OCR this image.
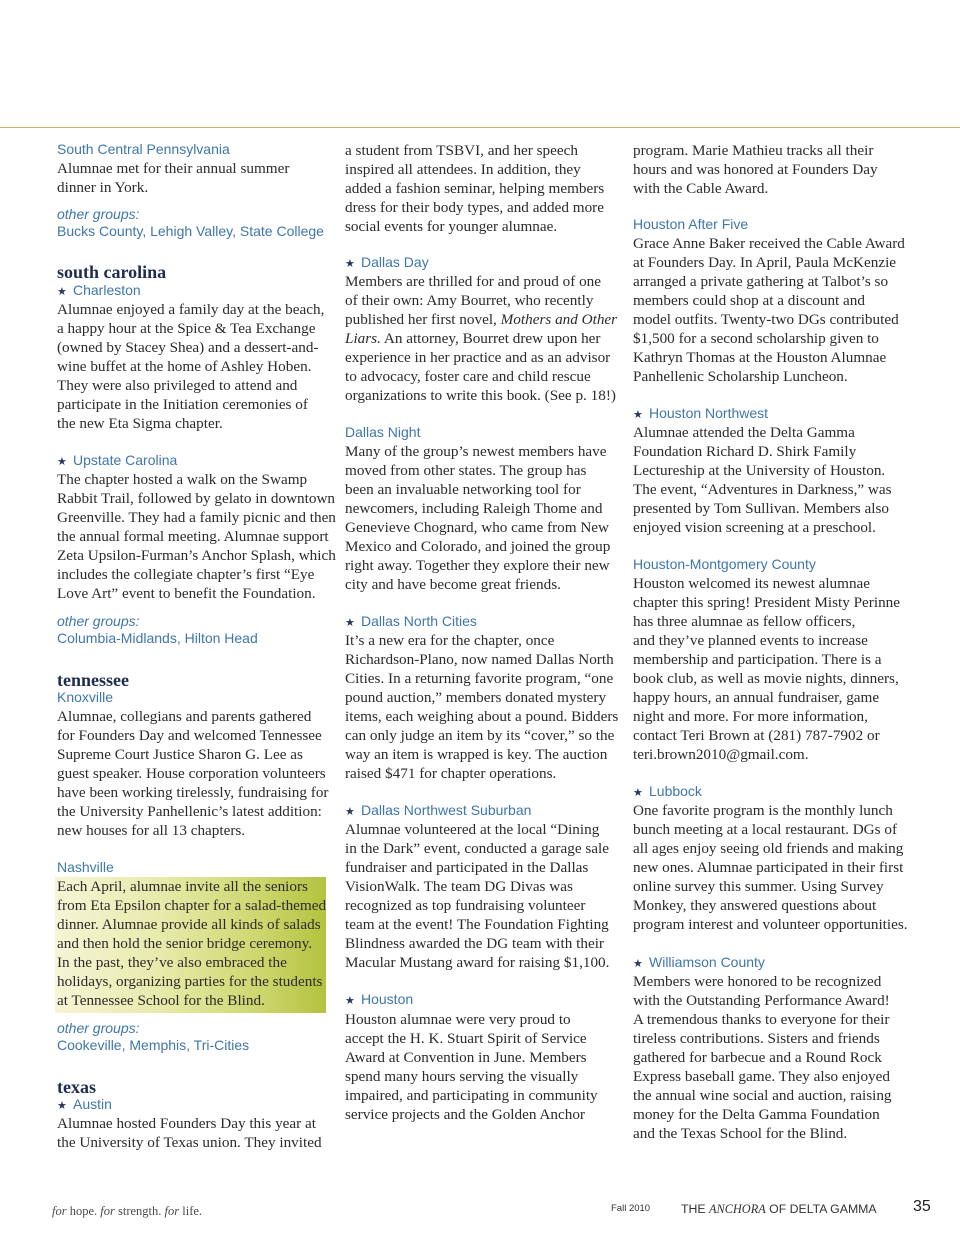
South Central Pennsylvania
Alumnae met for their annual summer
dinner in York.
other groups:
Bucks County, Lehigh Valley, State College
south carolina
★Charleston
Alumnae enjoyed a family day at the beach,
a happy hour at the Spice & Tea Exchange
(owned by Stacey Shea) and a dessert-and-
wine buffet at the home of Ashley Hoben.
They were also privileged to attend and
participate in the Initiation ceremonies of
the new Eta Sigma chapter.
★Upstate Carolina
The chapter hosted a walk on the Swamp
Rabbit Trail, followed by gelato in downtown
Greenville. They had a family picnic and then
the annual formal meeting. Alumnae support
Zeta Upsilon-Furman’s Anchor Splash, which
includes the collegiate chapter’s first “Eye
Love Art” event to benefit the Foundation.
other groups:
Columbia-Midlands, Hilton Head
tennessee
Knoxville
Alumnae, collegians and parents gathered
for Founders Day and welcomed Tennessee
Supreme Court Justice Sharon G. Lee as
guest speaker. House corporation volunteers
have been working tirelessly, fundraising for
the University Panhellenic’s latest addition:
new houses for all 13 chapters.
Nashville
Each April, alumnae invite all the seniors
from Eta Epsilon chapter for a salad-themed
dinner. Alumnae provide all kinds of salads
and then hold the senior bridge ceremony.
In the past, they’ve also embraced the
holidays, organizing parties for the students
at Tennessee School for the Blind.
other groups:
Cookeville, Memphis, Tri-Cities
texas
★Austin
Alumnae hosted Founders Day this year at
the University of Texas union. They invited
a student from TSBVI, and her speech
inspired all attendees. In addition, they
added a fashion seminar, helping members
dress for their body types, and added more
social events for younger alumnae.
★Dallas Day
Members are thrilled for and proud of one
of their own: Amy Bourret, who recently
published her first novel, Mothers and Other
Liars. An attorney, Bourret drew upon her
experience in her practice and as an advisor
to advocacy, foster care and child rescue
organizations to write this book. (See p. 18!)
Dallas Night
Many of the group’s newest members have
moved from other states. The group has
been an invaluable networking tool for
newcomers, including Raleigh Thome and
Genevieve Chognard, who came from New
Mexico and Colorado, and joined the group
right away. Together they explore their new
city and have become great friends.
★Dallas North Cities
It’s a new era for the chapter, once
Richardson-Plano, now named Dallas North
Cities. In a returning favorite program, “one
pound auction,” members donated mystery
items, each weighing about a pound. Bidders
can only judge an item by its “cover,” so the
way an item is wrapped is key. The auction
raised $471 for chapter operations.
★Dallas Northwest Suburban
Alumnae volunteered at the local “Dining
in the Dark” event, conducted a garage sale
fundraiser and participated in the Dallas
VisionWalk. The team DG Divas was
recognized as top fundraising volunteer
team at the event! The Foundation Fighting
Blindness awarded the DG team with their
Macular Mustang award for raising $1,100.
★Houston
Houston alumnae were very proud to
accept the H. K. Stuart Spirit of Service
Award at Convention in June. Members
spend many hours serving the visually
impaired, and participating in community
service projects and the Golden Anchor
program. Marie Mathieu tracks all their
hours and was honored at Founders Day
with the Cable Award.
Houston After Five
Grace Anne Baker received the Cable Award
at Founders Day. In April, Paula McKenzie
arranged a private gathering at Talbot’s so
members could shop at a discount and
model outfits. Twenty-two DGs contributed
$1,500 for a second scholarship given to
Kathryn Thomas at the Houston Alumnae
Panhellenic Scholarship Luncheon.
★Houston Northwest
Alumnae attended the Delta Gamma
Foundation Richard D. Shirk Family
Lectureship at the University of Houston.
The event, “Adventures in Darkness,” was
presented by Tom Sullivan. Members also
enjoyed vision screening at a preschool.
Houston-Montgomery County
Houston welcomed its newest alumnae
chapter this spring! President Misty Perinne
has three alumnae as fellow officers,
and they’ve planned events to increase
membership and participation. There is a
book club, as well as movie nights, dinners,
happy hours, an annual fundraiser, game
night and more. For more information,
contact Teri Brown at (281) 787-7902 or
teri.brown2010@gmail.com.
★Lubbock
One favorite program is the monthly lunch
bunch meeting at a local restaurant. DGs of
all ages enjoy seeing old friends and making
new ones. Alumnae participated in their first
online survey this summer. Using Survey
Monkey, they answered questions about
program interest and volunteer opportunities.
★Williamson County
Members were honored to be recognized
with the Outstanding Performance Award!
A tremendous thanks to everyone for their
tireless contributions. Sisters and friends
gathered for barbecue and a Round Rock
Express baseball game. They also enjoyed
the annual wine social and auction, raising
money for the Delta Gamma Foundation
and the Texas School for the Blind.
for hope. for strength. for life.	Fall 2010	THE ANCHORA OF DELTA GAMMA 35
